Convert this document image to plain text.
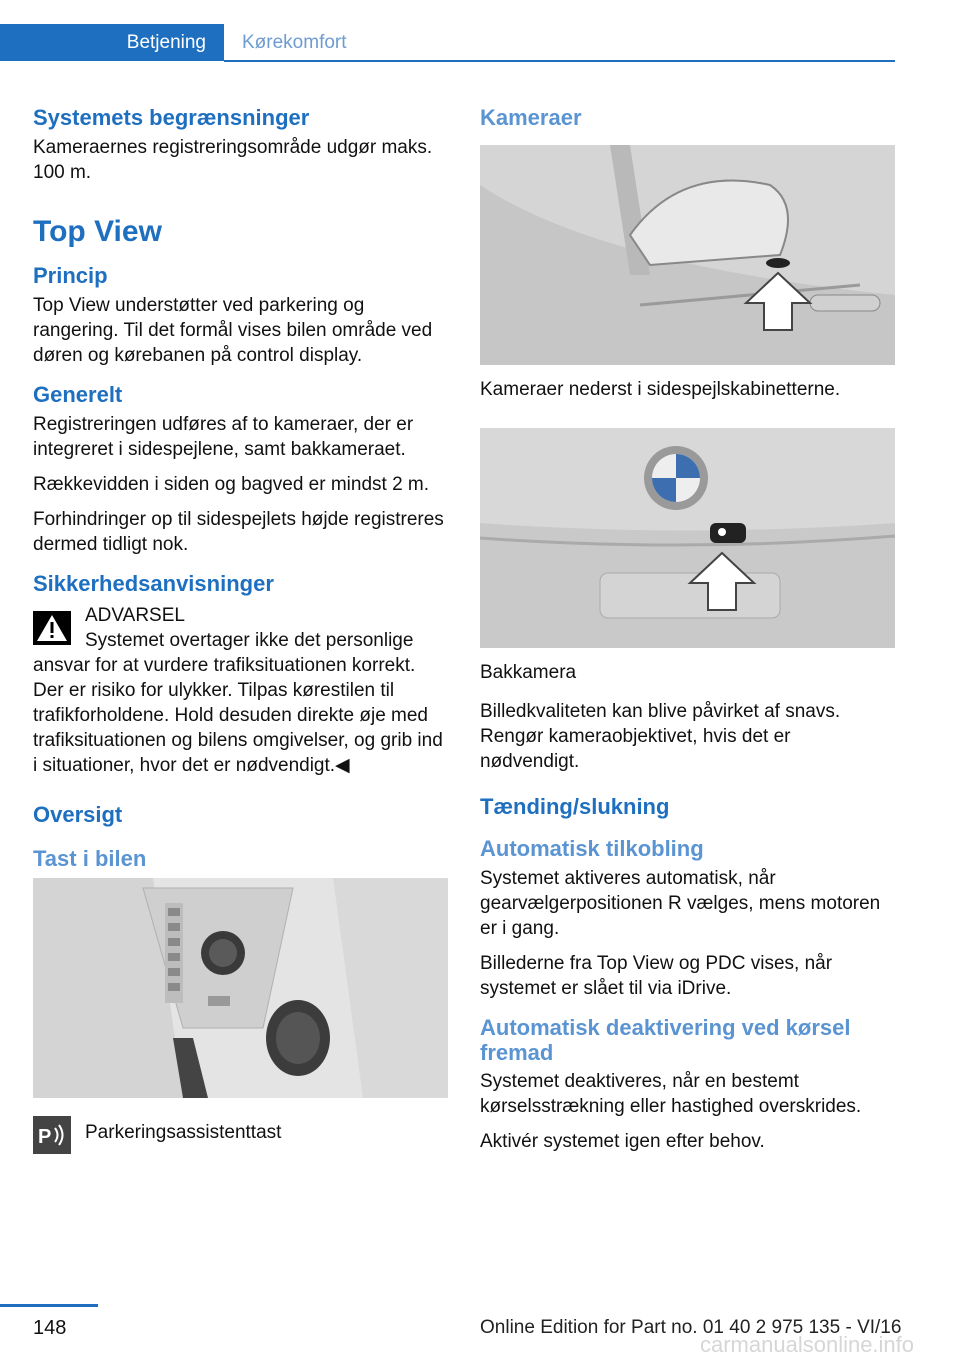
Betjening	Kørekomfort
Systemets begrænsninger

Kameraernes registreringsområde udgør maks. 100 m.

Top View
Princip

Top View understøtter ved parkering og rangering. Til det formål vises bilen område ved døren og kørebanen på control display.

Generelt

Registreringen udføres af to kameraer, der er integreret i sidespejlene, samt bakkameraet.

Rækkevidden i siden og bagved er mindst 2 m.

Forhindringer op til sidespejlets højde registreres dermed tidligt nok.

Sikkerhedsanvisninger
ADVARSEL
Systemet overtager ikke det personlige
ansvar for at vurdere trafiksituationen korrekt. Der er risiko for ulykker. Tilpas kørestilen til trafikforholdene. Hold desuden direkte øje med trafiksituationen og bilens omgivelser, og grib ind i situationer, hvor det er nødvendigt.◀
Oversigt
Tast i bilen
P Parkeringsassistenttast
Kameraer

Kameraer nederst i sidespejlskabinetterne.

Bakkamera

Billedkvaliteten kan blive påvirket af snavs. Rengør kameraobjektivet, hvis det er nødvendigt.

Tænding/slukning
Automatisk tilkobling

Systemet aktiveres automatisk, når gearvælgerpositionen R vælges, mens motoren er i gang.

Billederne fra Top View og PDC vises, når systemet er slået til via iDrive.

Automatisk deaktivering ved kørsel fremad

Systemet deaktiveres, når en bestemt kørselsstrækning eller hastighed overskrides.

Aktivér systemet igen efter behov.

148	Online Edition for Part no. 01 40 2 975 135 - VI/16
carmanualsonline.info
